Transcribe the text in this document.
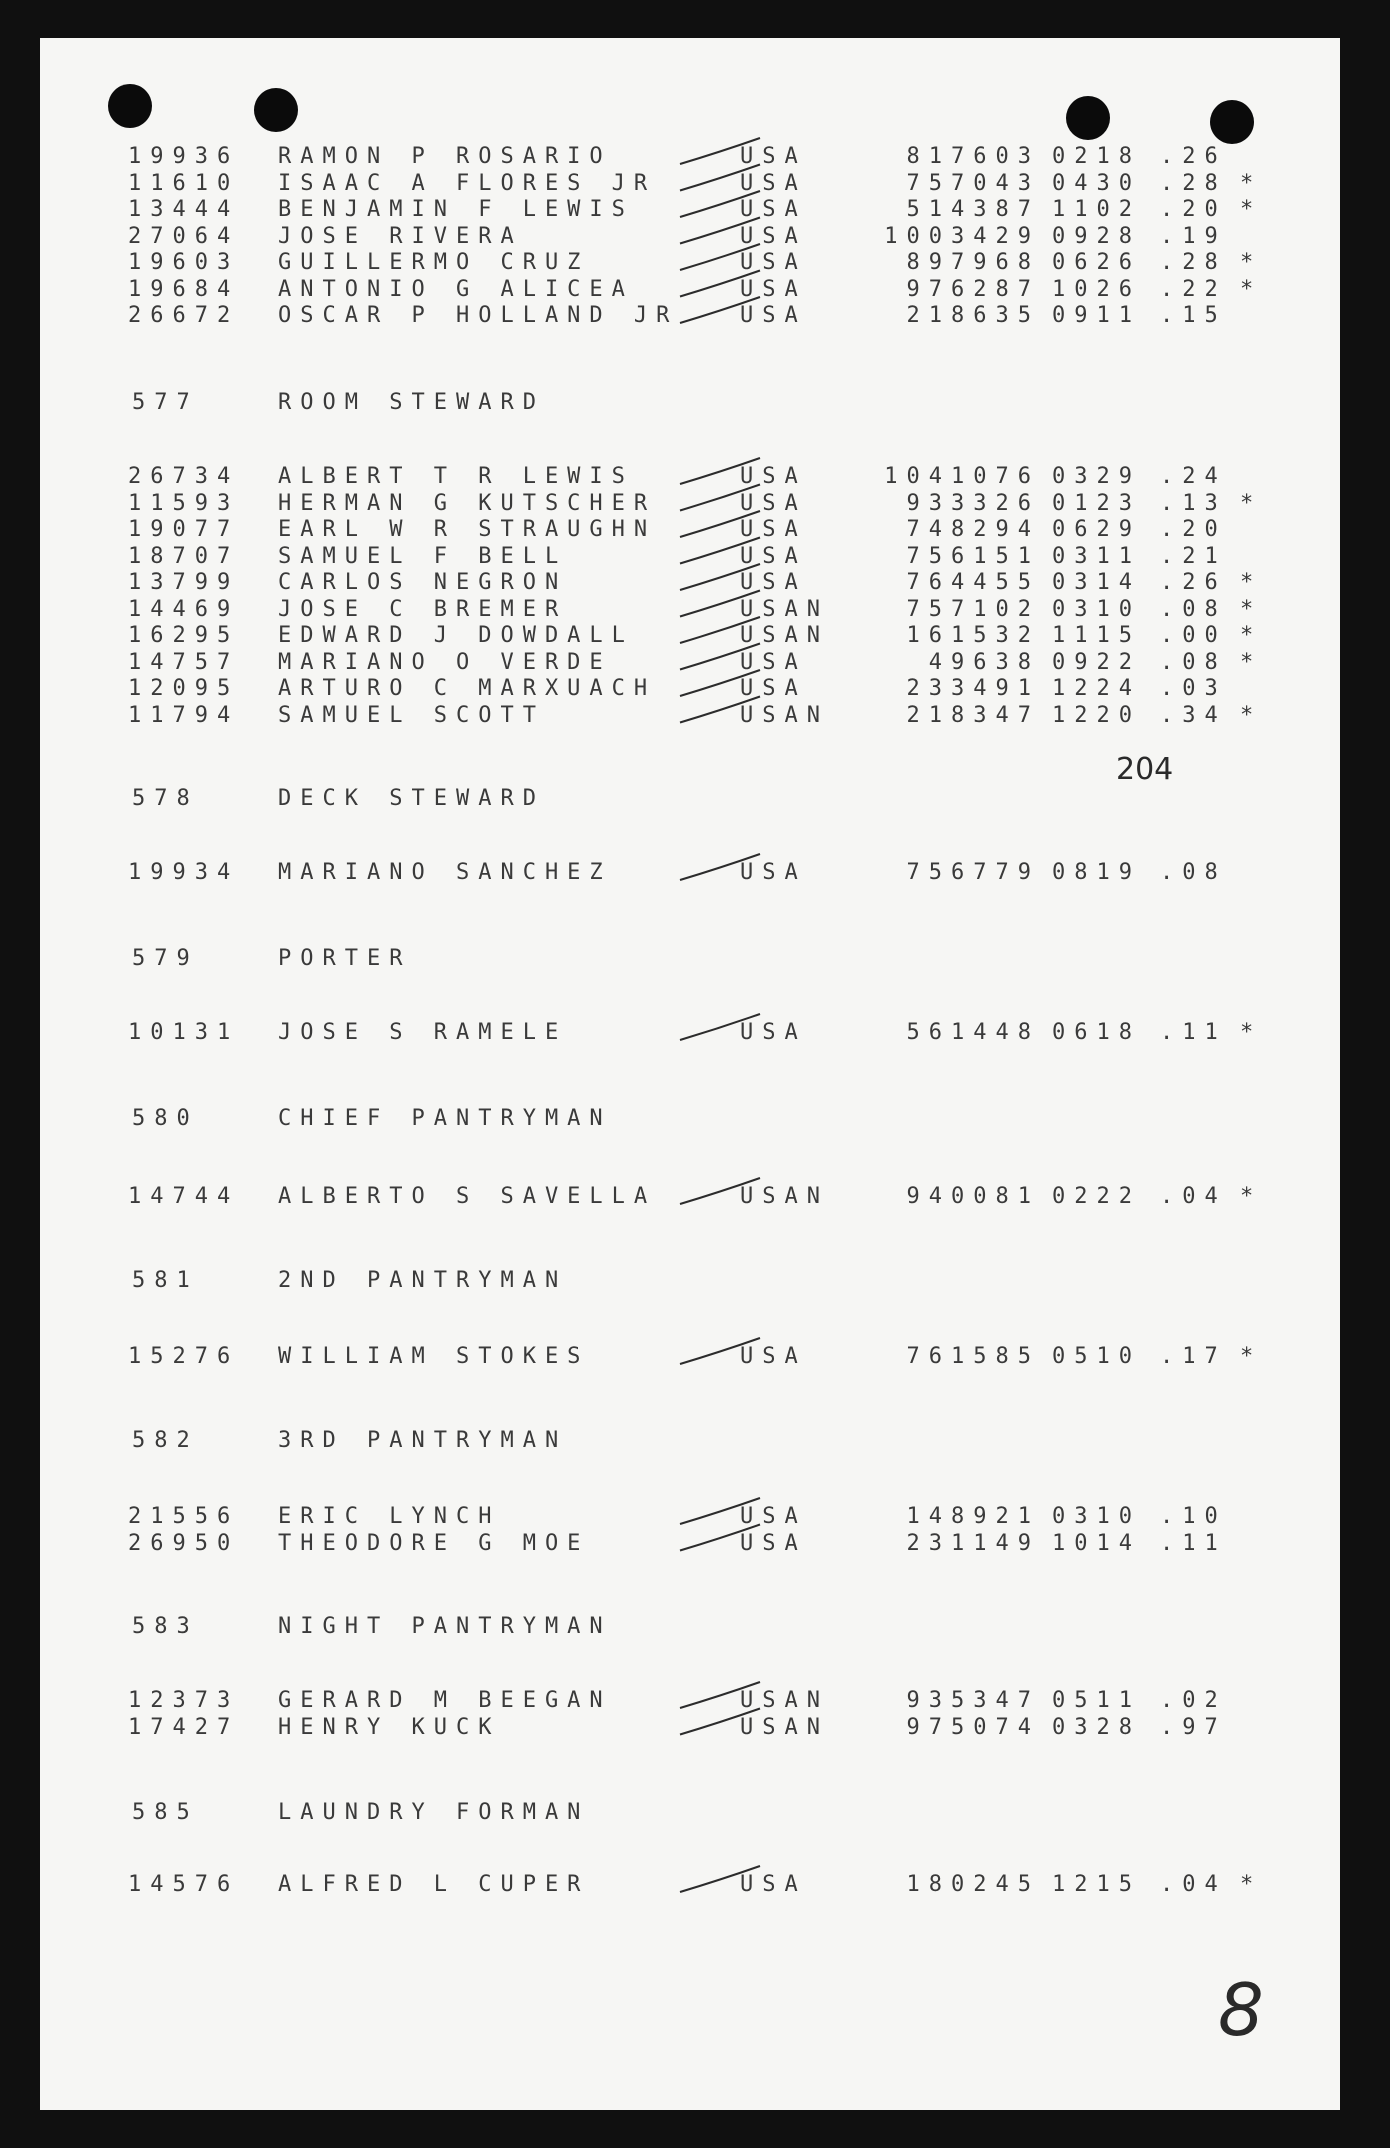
19936 RAMON P ROSARIO	USA	817603 0218 .26
11610 ISAAC A FLORES JR	USA	757043 0430 .28 *
13444 BENJAMIN F LEWIS	USA	514387 1102 .20 *
27064 JOSE RIVERA	USA	1003429 0928 .19
19603 GUILLERMO CRUZ	USA	897968 0626 .28 *
19684 ANTONIO G ALICEA	USA	976287 1026 .22 *
26672 OSCAR P HOLLAND JR	USA	218635 0911 .15
577	ROOM STEWARD
26734 ALBERT T R LEWIS	USA	1041076 0329 .24
11593 HERMAN G KUTSCHER	USA	933326 0123 .13 *
19077 EARL W R STRAUGHN	USA	748294 0629 .20
18707 SAMUEL F BELL	USA	756151 0311 .21
13799 CARLOS NEGRON	USA	764455 0314 .26 *
14469 JOSE C BREMER	USAN	757102 0310 .08 *
16295 EDWARD J DOWDALL	USAN	161532 1115 .00 *
14757 MARIANO O VERDE	USA	49638 0922 .08 *
12095 ARTURO C MARXUACH	USA	233491 1224 .03
11794 SAMUEL SCOTT	USAN	218347 1220 .34 *
578	DECK STEWARD
19934 MARIANO SANCHEZ	USA	756779 0819 .08
579	PORTER
10131 JOSE S RAMELE	USA	561448 0618 .11 *
580	CHIEF PANTRYMAN
14744 ALBERTO S SAVELLA	USAN	940081 0222 .04 *
581	2ND PANTRYMAN
15276 WILLIAM STOKES	USA	761585 0510 .17 *
582	3RD PANTRYMAN
21556 ERIC LYNCH	USA	148921 0310 .10
26950 THEODORE G MOE	USA	231149 1014 .11
583	NIGHT PANTRYMAN
12373 GERARD M BEEGAN	USAN	935347 0511 .02
17427 HENRY KUCK	USAN	975074 0328 .97
585	LAUNDRY FORMAN
14576 ALFRED L CUPER	USA	180245 1215 .04 *
204
8
